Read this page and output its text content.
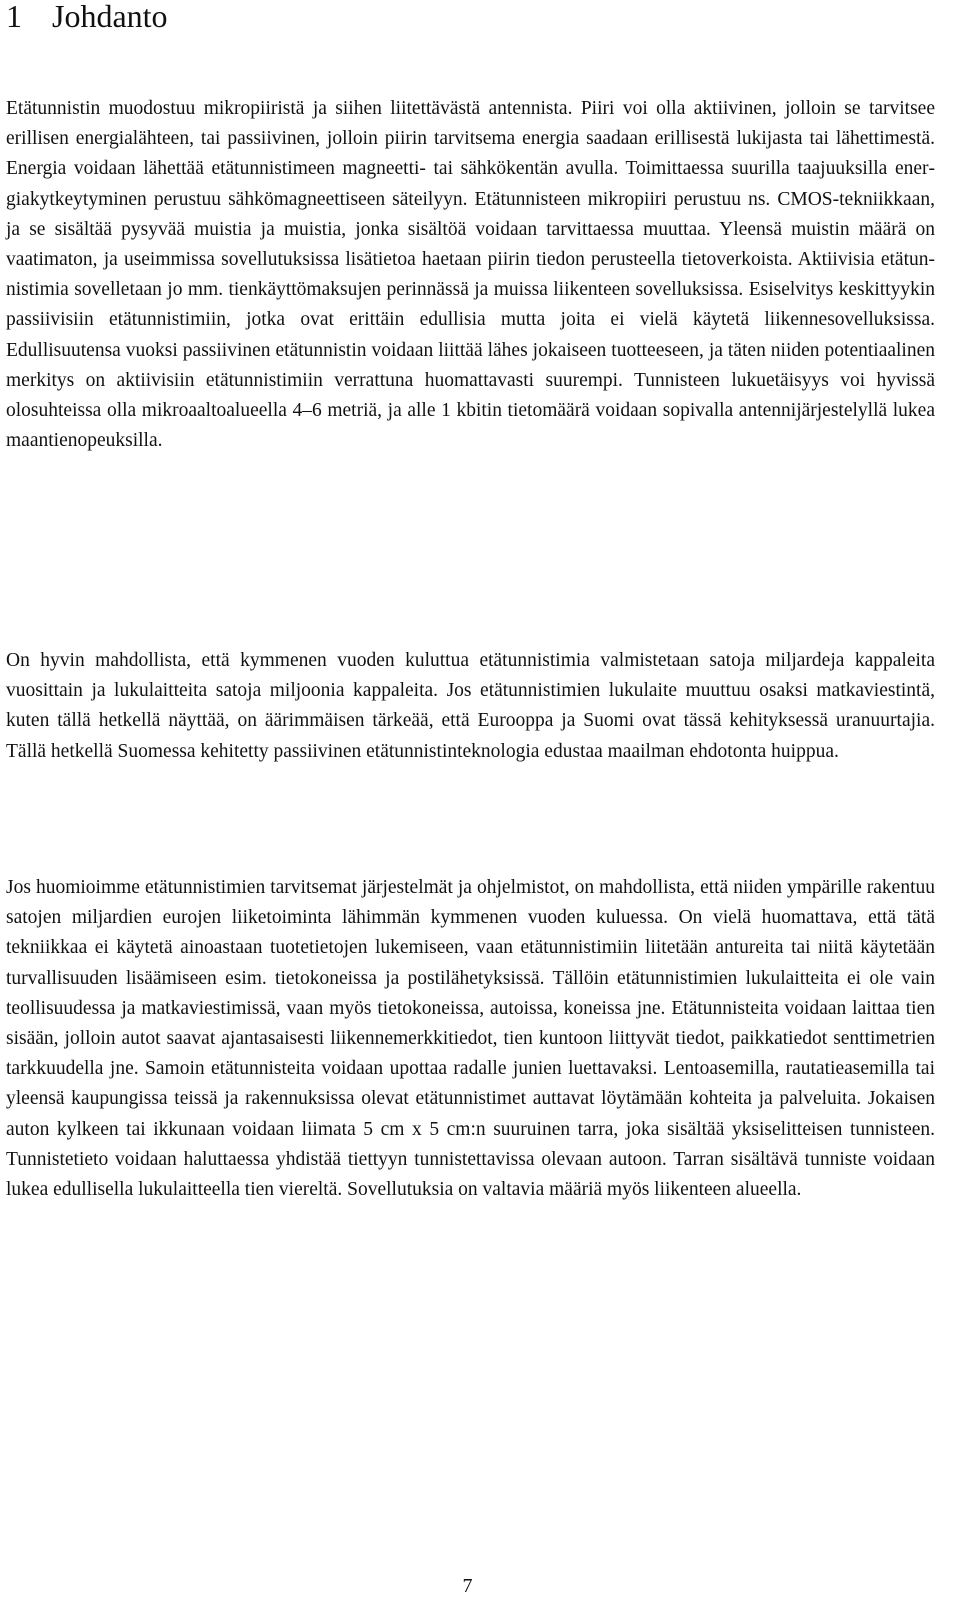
1 Johdanto

Etätunnistin muodostuu mikropiiristä ja siihen liitettävästä antennista. Piiri voi olla aktiivinen, jolloin se tarvitsee erillisen energialähteen, tai passiivinen, jolloin piirin tarvitsema energia saadaan erillisestä lukijasta tai lähettimestä. Energia voidaan lähettää etätunnistimeen magneetti- tai sähkökentän avulla. Toimittaessa suurilla taajuuksilla energiakytkeytyminen perustuu sähkömagneettiseen säteilyyn. Etätunnisteen mikropiiri perustuu ns. CMOS-tekniikkaan, ja se sisältää pysyvää muistia ja muistia, jonka sisältöä voidaan tarvittaessa muuttaa. Yleensä muistin määrä on vaatimaton, ja useimmissa sovellutuksissa lisätietoa haetaan piirin tiedon perusteella tietoverkoista. Aktiivisia etätunnistimia sovelletaan jo mm. tienkäyttömaksujen perinnässä ja muissa liikenteen sovelluksissa. Esiselvitys keskittyykin passiivisiin etätunnistimiin, jotka ovat erittäin edullisia mutta joita ei vielä käytetä liikennesovelluksissa. Edullisuutensa vuoksi passiivinen etätunnistin voidaan liittää lähes jokaiseen tuotteeseen, ja täten niiden potentiaalinen merkitys on aktiivisiin etätunnistimiin verrattuna huomattavasti suurempi. Tunnisteen lukuetäisyys voi hyvissä olosuhteissa olla mikroaaltoalueella 4–6 metriä, ja alle 1 kbitin tietomäärä voidaan sopivalla antennijärjestelyllä lukea maantienopeuksilla.

On hyvin mahdollista, että kymmenen vuoden kuluttua etätunnistimia valmistetaan satoja miljardeja kappaleita vuosittain ja lukulaitteita satoja miljoonia kappaleita. Jos etätunnistimien lukulaite muuttuu osaksi matkaviestintä, kuten tällä hetkellä näyttää, on äärimmäisen tärkeää, että Eurooppa ja Suomi ovat tässä kehityksessä uranuurtajia. Tällä hetkellä Suomessa kehitetty passiivinen etätunnistinteknologia edustaa maailman ehdotonta huippua.

Jos huomioimme etätunnistimien tarvitsemat järjestelmät ja ohjelmistot, on mahdollista, että niiden ympärille rakentuu satojen miljardien eurojen liiketoiminta lähimmän kymmenen vuoden kuluessa. On vielä huomattava, että tätä tekniikkaa ei käytetä ainoastaan tuotetietojen lukemiseen, vaan etätunnistimiin liitetään antureita tai niitä käytetään turvallisuuden lisäämiseen esim. tietokoneissa ja postilähetyksissä. Tällöin etätunnistimien lukulaitteita ei ole vain teollisuudessa ja matkaviestimissä, vaan myös tietokoneissa, autoissa, koneissa jne. Etätunnisteita voidaan laittaa tien sisään, jolloin autot saavat ajantasaisesti liikennemerkkitiedot, tien kuntoon liittyvät tiedot, paikkatiedot senttimetrien tarkkuudella jne. Samoin etätunnisteita voidaan upottaa radalle junien luettavaksi. Lentoasemilla, rautatieasemilla tai yleensä kaupungissa teissä ja rakennuksissa olevat etätunnistimet auttavat löytämään kohteita ja palveluita. Jokaisen auton kylkeen tai ikkunaan voidaan liimata 5 cm x 5 cm:n suuruinen tarra, joka sisältää yksiselitteisen tunnisteen. Tunnistetieto voidaan haluttaessa yhdistää tiettyyn tunnistettavissa olevaan autoon. Tarran sisältävä tunniste voidaan lukea edullisella lukulaitteella tien viereltä. Sovellutuksia on valtavia määriä myös liikenteen alueella.

7
